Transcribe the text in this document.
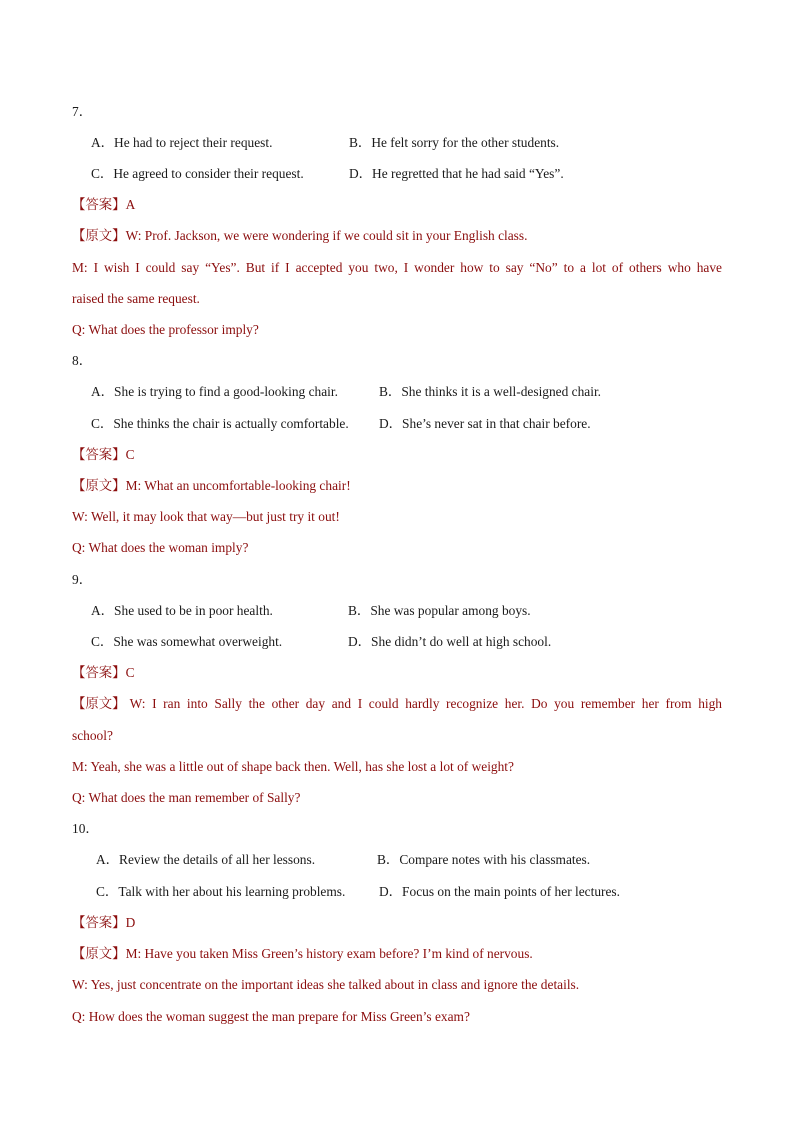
7．
A．He had to reject their request.	B．He felt sorry for the other students.
C．He agreed to consider their request.	D．He regretted that he had said “Yes”.
【答案】A
【原文】W: Prof. Jackson, we were wondering if we could sit in your English class.
M: I wish I could say “Yes”. But if I accepted you two, I wonder how to say “No” to a lot of others who have
raised the same request.
Q: What does the professor imply?
8．
A．She is trying to find a good-looking chair.	B．She thinks it is a well-designed chair.
C．She thinks the chair is actually comfortable. D．She’s never sat in that chair before.
【答案】C
【原文】M: What an uncomfortable-looking chair!
W: Well, it may look that way—but just try it out!
Q: What does the woman imply?
9．
A．She used to be in poor health.	B．She was popular among boys.
C．She was somewhat overweight.	D．She didn’t do well at high school.
【答案】C
【原文】 W: I ran into Sally the other day and I could hardly recognize her. Do you remember her from high
school?
M: Yeah, she was a little out of shape back then. Well, has she lost a lot of weight?
Q: What does the man remember of Sally?
10．
A．Review the details of all her lessons.	B．Compare notes with his classmates.
C．Talk with her about his learning problems.	D．Focus on the main points of her lectures.
【答案】D
【原文】M: Have you taken Miss Green’s history exam before? I’m kind of nervous.
W: Yes, just concentrate on the important ideas she talked about in class and ignore the details.
Q: How does the woman suggest the man prepare for Miss Green’s exam?
